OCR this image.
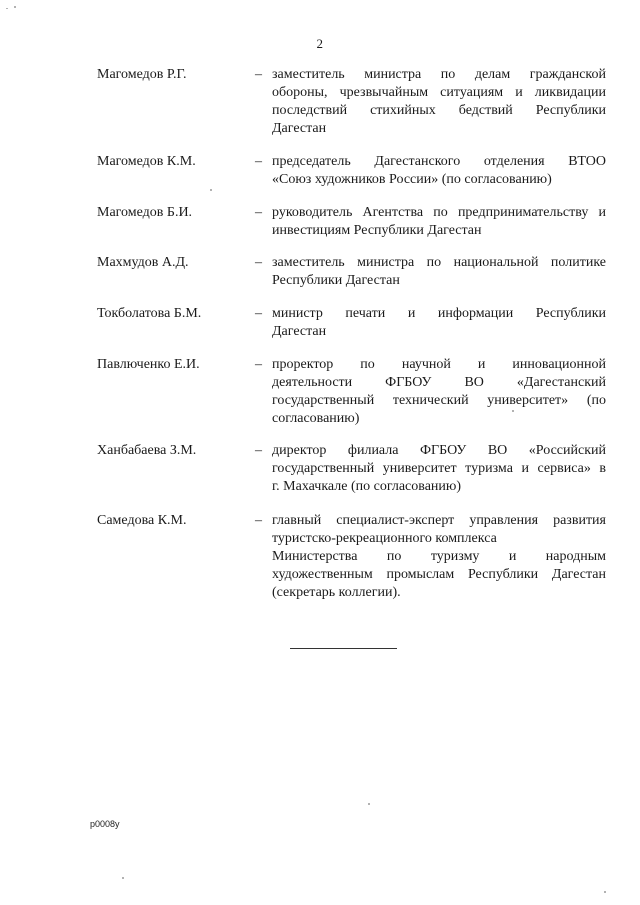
2
Магомедов Р.Г.	– заместитель министра по делам гражданской
обороны, чрезвычайным ситуациям и ликвидации
последствий стихийных бедствий Республики
Дагестан
Магомедов К.М.	– председатель Дагестанского отделения ВТОО
«Союз художников России» (по согласованию)
Магомедов Б.И.	– руководитель Агентства по предпринимательству и
инвестициям Республики Дагестан
Махмудов А.Д.	– заместитель министра по национальной политике
Республики Дагестан
Токболатова Б.М.	– министр печати и информации Республики
Дагестан
Павлюченко Е.И.	– проректор по научной и инновационной
деятельности ФГБОУ ВО «Дагестанский
государственный технический университет» (по
согласованию)
Ханбабаева З.М.	– директор филиала ФГБОУ ВО «Российский
государственный университет туризма и сервиса» в
г. Махачкале (по согласованию)
Самедова К.М.	– главный специалист-эксперт управления развития
туристско-рекреационного комплекса
Министерства по туризму и народным
художественным промыслам Республики Дагестан
(секретарь коллегии).
p0008y
